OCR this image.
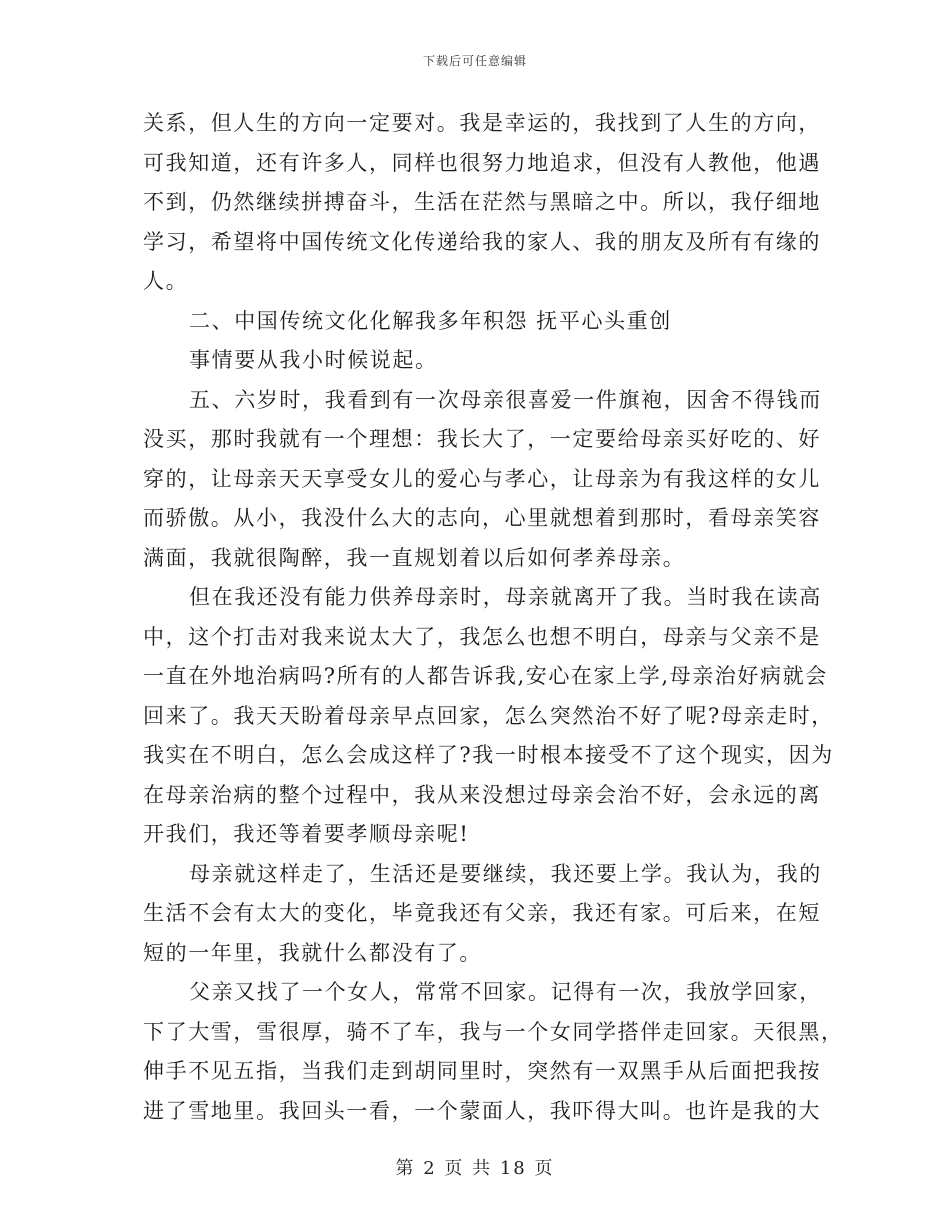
下载后可任意编辑
关系，但人生的方向一定要对。我是幸运的，我找到了人生的方向，
可我知道，还有许多人，同样也很努力地追求，但没有人教他，他遇
不到，仍然继续拼搏奋斗，生活在茫然与黑暗之中。所以，我仔细地
学习，希望将中国传统文化传递给我的家人、我的朋友及所有有缘的
人。
二、中国传统文化化解我多年积怨 抚平心头重创
事情要从我小时候说起。
五、六岁时，我看到有一次母亲很喜爱一件旗袍，因舍不得钱而
没买，那时我就有一个理想：我长大了，一定要给母亲买好吃的、好
穿的，让母亲天天享受女儿的爱心与孝心，让母亲为有我这样的女儿
而骄傲。从小，我没什么大的志向，心里就想着到那时，看母亲笑容
满面，我就很陶醉，我一直规划着以后如何孝养母亲。
但在我还没有能力供养母亲时，母亲就离开了我。当时我在读高
中，这个打击对我来说太大了，我怎么也想不明白，母亲与父亲不是
一直在外地治病吗?所有的人都告诉我,安心在家上学,母亲治好病就会
回来了。我天天盼着母亲早点回家，怎么突然治不好了呢?母亲走时，
我实在不明白，怎么会成这样了?我一时根本接受不了这个现实，因为
在母亲治病的整个过程中，我从来没想过母亲会治不好，会永远的离
开我们，我还等着要孝顺母亲呢!
母亲就这样走了，生活还是要继续，我还要上学。我认为，我的
生活不会有太大的变化，毕竟我还有父亲，我还有家。可后来，在短
短的一年里，我就什么都没有了。
父亲又找了一个女人，常常不回家。记得有一次，我放学回家，
下了大雪，雪很厚，骑不了车，我与一个女同学搭伴走回家。天很黑，
伸手不见五指，当我们走到胡同里时，突然有一双黑手从后面把我按
进了雪地里。我回头一看，一个蒙面人，我吓得大叫。也许是我的大
第 2 页 共 18 页
